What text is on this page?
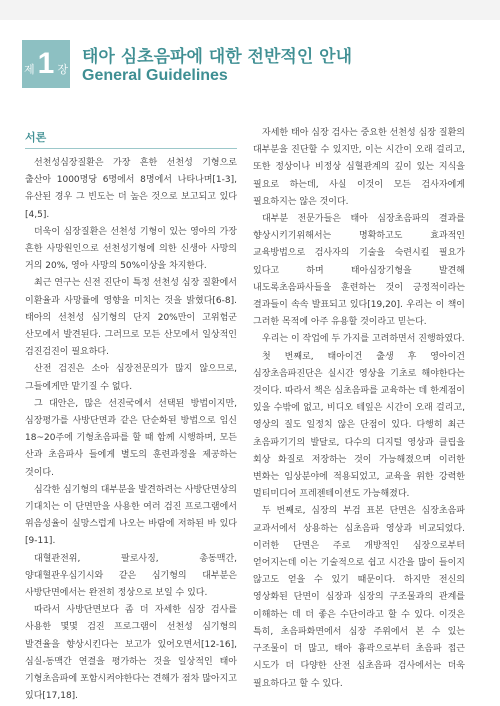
제 1 장
태아 심초음파에 대한 전반적인 안내
General Guidelines
서론

선천성심장질환은 가장 흔한 선천성 기형으로 출산아 1000명당 6명에서 8명에서 나타나며[1-3], 유산된 경우 그 빈도는 더 높은 것으로 보고되고 있다[4,5].

더욱이 심장질환은 선천성 기형이 있는 영아의 가장 흔한 사망원인으로 선천성기형에 의한 신생아 사망의 거의 20%, 영아 사망의 50%이상을 차지한다.

최근 연구는 신전 진단이 특정 선천성 심장 질환에서 이환율과 사망률에 영향을 미치는 것을 밝혔다[6-8]. 태아의 선천성 심기형의 단지 20%만이 고위험군 산모에서 발견된다. 그러므로 모든 산모에서 일상적인 검진검진이 필요하다.

산전 검진은 소아 심장전문의가 많지 않으므로, 그들에게만 맡기질 수 없다.

그 대안은, 많은 선진국에서 선택된 방법이지만, 심장평가를 사방단면과 같은 단순화된 방법으로 임신 18~20주에 기형초음파를 할 때 함께 시행하며, 모든 산과 초음파사 들에게 별도의 훈련과정을 제공하는 것이다.

심각한 심기형의 대부분을 발견하려는 사방단면상의 기대치는 이 단면만을 사용한 여러 검진 프로그램에서 위음성율이 실망스럽게 나오는 바람에 저하된 바 있다[9-11].

대혈관전위, 팔로사징, 총동맥간, 양대혈관우심기시와 같은 심기형의 대부분은 사방단면에서는 완전히 정상으로 보일 수 있다.

따라서 사방단면보다 좀 더 자세한 심장 검사를 사용한 몇몇 검진 프로그램이 선천성 심기형의 발견율을 향상시킨다는 보고가 있어오면서[12-16], 심실-동맥간 연결을 평가하는 것을 일상적인 태아 기형초음파에 포함시켜야한다는 견해가 점차 많아지고 있다[17,18].

자세한 태아 심장 검사는 중요한 선천성 심장 질환의 대부분을 진단할 수 있지만, 이는 시간이 오래 걸리고, 또한 정상이나 비정상 심혈관계의 깊이 있는 지식을 필요로 하는데, 사실 이것이 모든 검사자에게 필요하지는 않은 것이다.

대부분 전문가들은 태아 심장초음파의 결과를 향상시키기위해서는 명확하고도 효과적인 교육방법으로 검사자의 기술을 숙련시킬 필요가 있다고 하며 태아심장기형을 발견해 내도록초음파사들을 훈련하는 것이 긍정적이라는 결과들이 속속 발표되고 있다[19,20]. 우리는 이 책이 그러한 목적에 아주 유용할 것이라고 믿는다.

우리는 이 작업에 두 가지를 고려하면서 진행하였다.

첫 번째로, 태아이건 출생 후 영아이건 심장초음파진단은 실시간 영상을 기초로 해야한다는 것이다. 따라서 책은 심초음파를 교육하는 데 한계점이 있을 수밖에 없고, 비디오 테잎은 시간이 오래 걸리고, 영상의 질도 일정치 않은 단점이 있다. 다행히 최근 초음파기기의 발달로, 다수의 디지털 영상과 클립을 회상 화질로 저장하는 것이 가능해졌으며 이러한 변화는 임상분야에 적용되었고, 교육을 위한 강력한 멀티미디어 프레젠테이션도 가능해졌다.

두 번째로, 심장의 부검 표본 단면은 심장초음파 교과서에서 상용하는 심초음파 영상과 비교되었다. 이러한 단면은 주로 개방적인 심장으로부터 얻어지는데 이는 기술적으로 쉽고 시간을 많이 들이지 않고도 얻을 수 있기 때문이다. 하지만 전신의 영상화된 단면이 심장과 심장의 구조물과의 관계를 이해하는 데 더 좋은 수단이라고 할 수 있다. 이것은 특히, 초음파화면에서 심장 주위에서 본 수 있는 구조물이 더 많고, 태아 흉곽으로부터 초음파 접근 시도가 더 다양한 산전 심초음파 검사에서는 더욱 필요하다고 할 수 있다.
